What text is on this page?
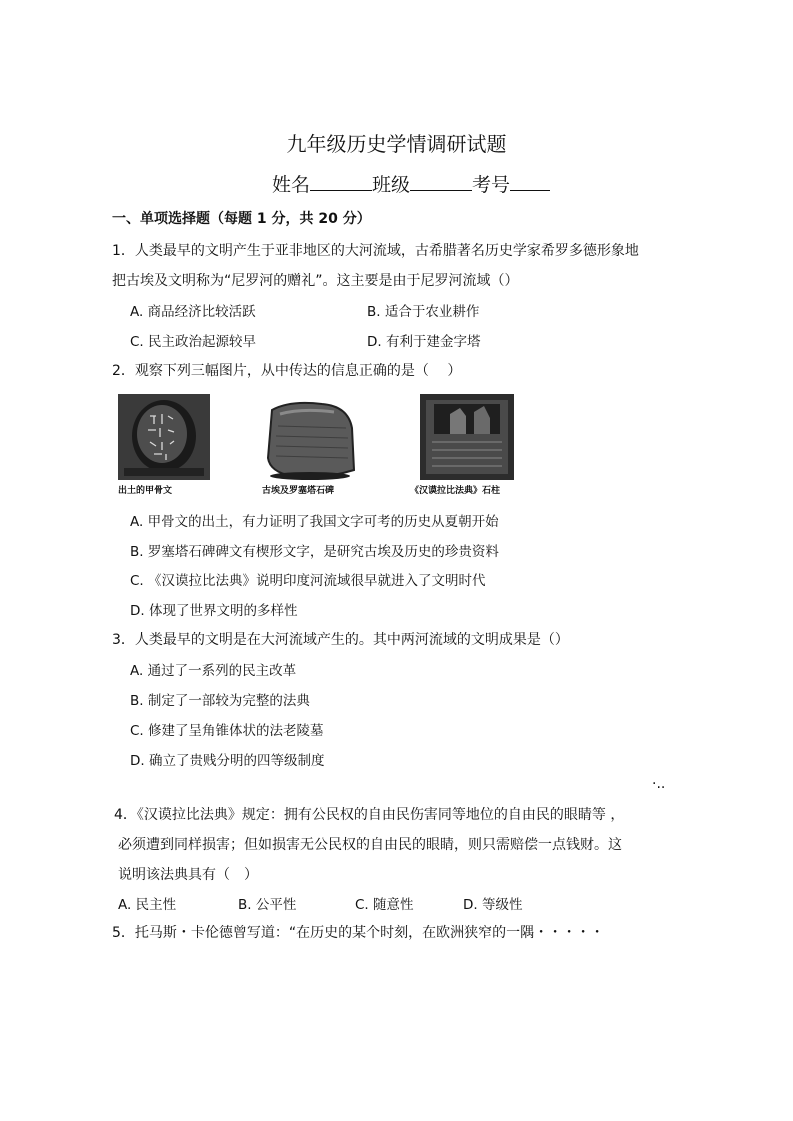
九年级历史学情调研试题
姓名	班级	考号
一、单项选择题（每题 1 分，共 20 分）
1．人类最早的文明产生于亚非地区的大河流域，古希腊著名历史学家希罗多德形象地
把古埃及文明称为“尼罗河的赠礼”。这主要是由于尼罗河流域（）
A. 商品经济比较活跃	B. 适合于农业耕作
C. 民主政治起源较早	D. 有利于建金字塔
2．观察下列三幅图片，从中传达的信息正确的是（　 ）
出土的甲骨文	古埃及罗塞塔石碑	《汉谟拉比法典》石柱
A. 甲骨文的出土，有力证明了我国文字可考的历史从夏朝开始
B. 罗塞塔石碑碑文有楔形文字，是研究古埃及历史的珍贵资料
C. 《汉谟拉比法典》说明印度河流域很早就进入了文明时代
D. 体现了世界文明的多样性
3．人类最早的文明是在大河流域产生的。其中两河流域的文明成果是（）
A. 通过了一系列的民主改革
B. 制定了一部较为完整的法典
C. 修建了呈角锥体状的法老陵墓
D. 确立了贵贱分明的四等级制度
·..
4．《汉谟拉比法典》规定：拥有公民权的自由民伤害同等地位的自由民的眼睛等 ，
必须遭到同样损害；但如损害无公民权的自由民的眼睛，则只需赔偿一点钱财。这
说明该法典具有（　）
A. 民主性	B. 公平性	C. 随意性	D. 等级性
5．托马斯・卡伦德曾写道：“在历史的某个时刻，在欧洲狭窄的一隅・・・・・
